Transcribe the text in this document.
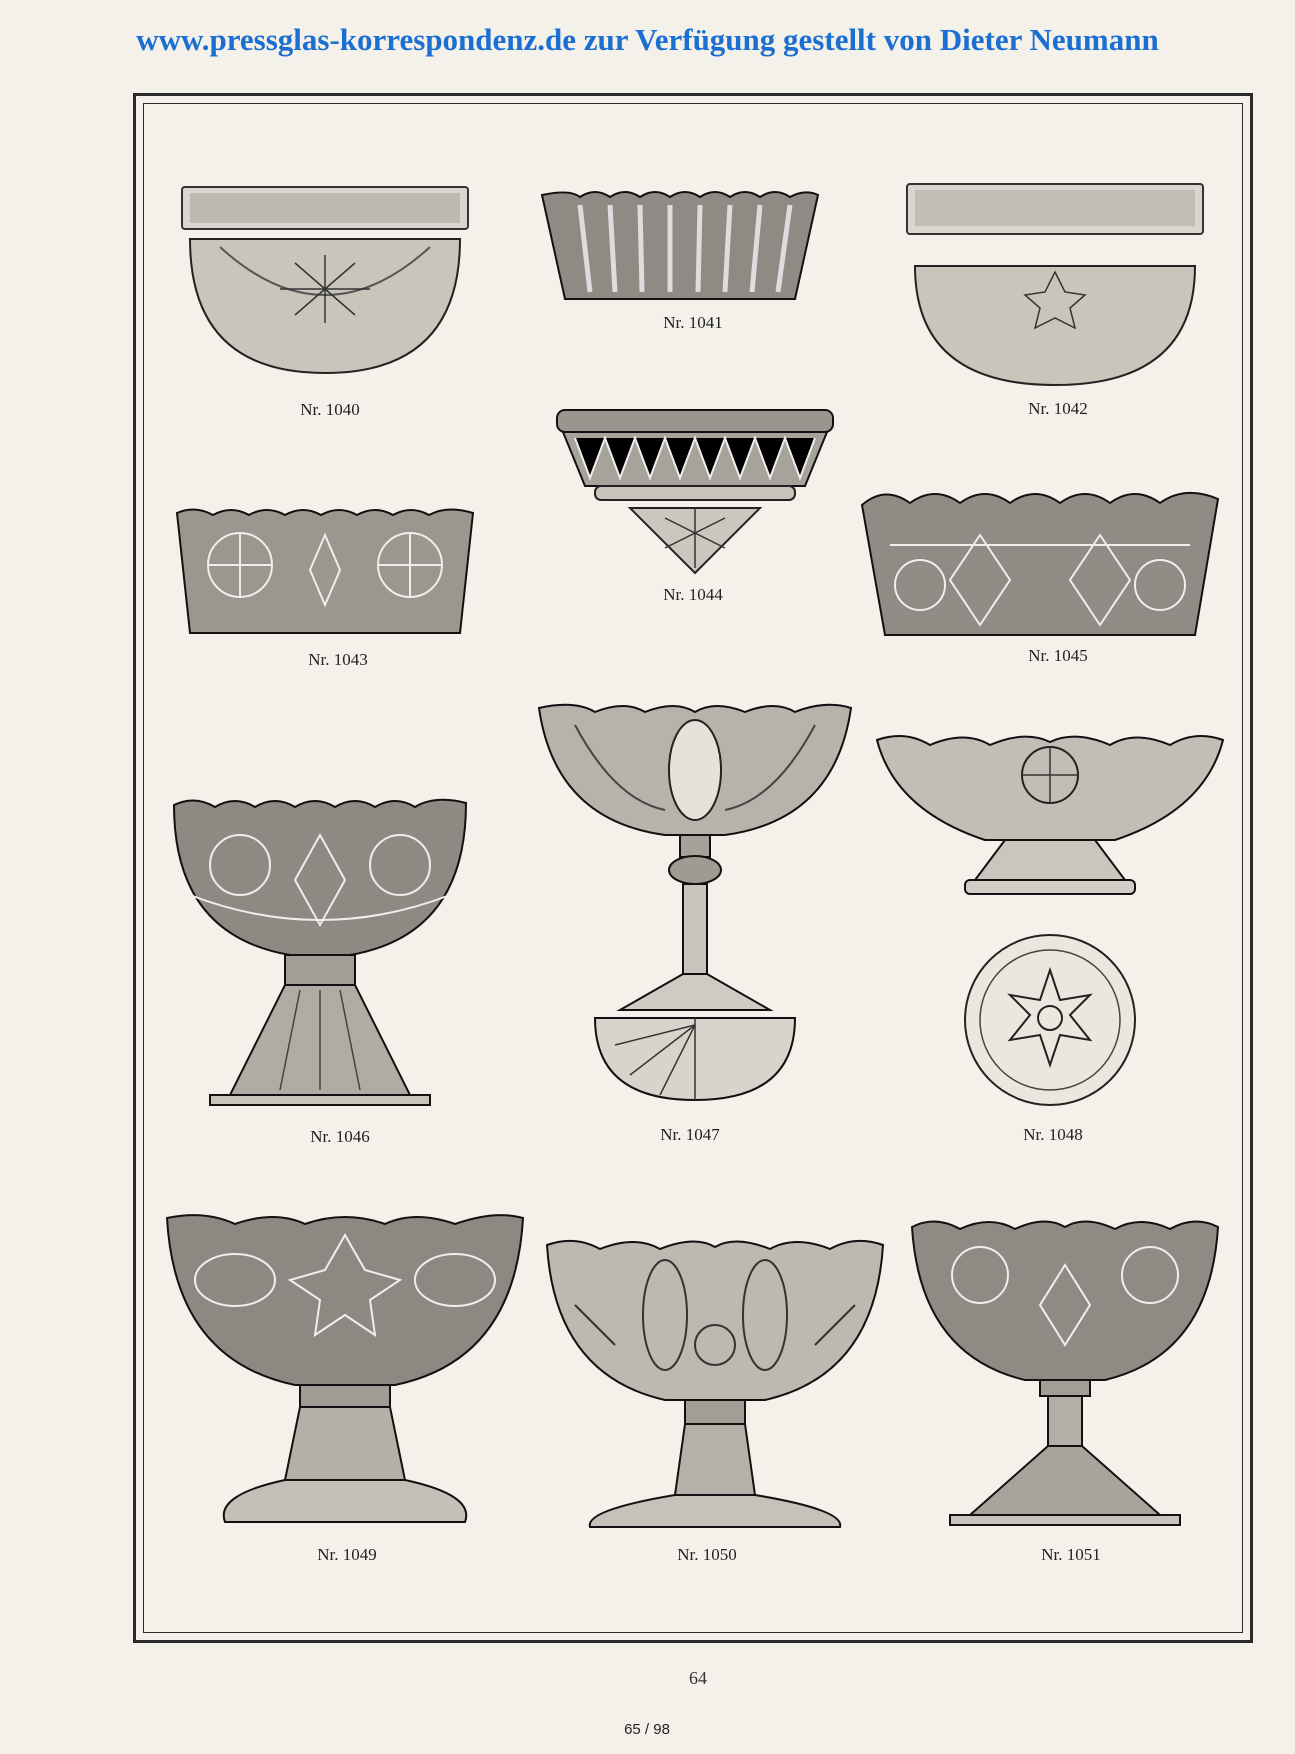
www.pressglas-korrespondenz.de zur Verfügung gestellt von Dieter Neumann
Nr. 1040
Nr. 1041
Nr. 1042
Nr. 1044
Nr. 1043	Nr. 1045
Nr. 1046	Nr. 1047	Nr. 1048
Nr. 1049	Nr. 1050	Nr. 1051
64
65 / 98
